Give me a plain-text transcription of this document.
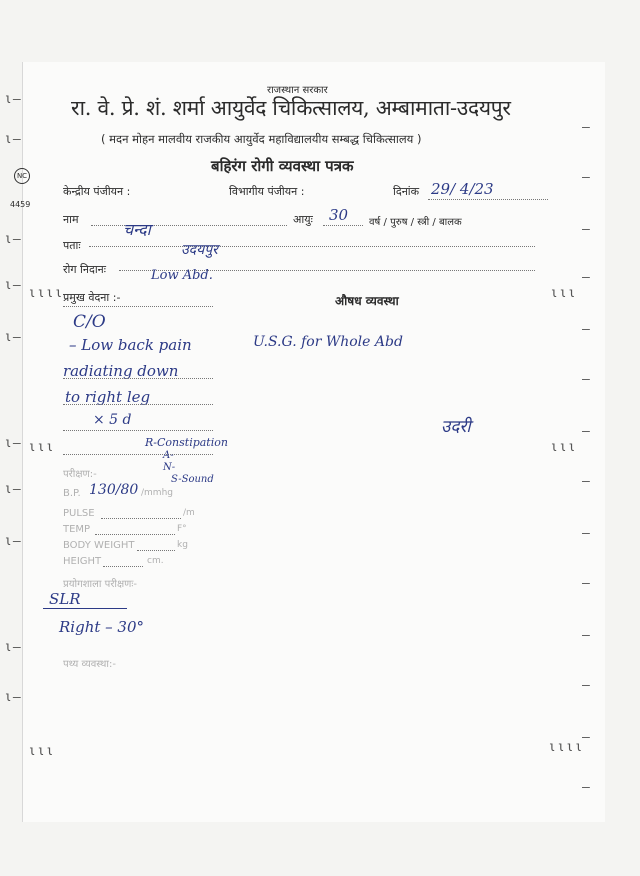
राजस्थान सरकार
रा. वे. प्रे. शं. शर्मा आयुर्वेद चिकित्सालय, अम्बामाता-उदयपुर
( मदन मोहन मालवीय राजकीय आयुर्वेद महाविद्यालयीय सम्बद्ध चिकित्सालय )
बहिरंग रोगी व्यवस्था पत्रक
केन्द्रीय पंजीयन :	विभागीय पंजीयन :	दिनांक 29/ 4/23
नाम
चन्दा
आयुः 30 वर्ष / पुरुष / स्त्री / बालक
पताः	उदयपुर
रोग निदानः	Low Abd.
प्रमुख वेदना :-	औषध व्यवस्था
C/O
– Low back pain
radiating down
to right leg
× 5 d
R-Constipation
A-
N-
S-Sound
U.S.G. for Whole Abd
उदरी
परीक्षण:-
B.P. 130/80 /mmhg
PULSE	/m
TEMP	F°
BODY WEIGHT	kg
HEIGHT	cm.
प्रयोगशाला परीक्षणः-
SLR
Right – 30°
पथ्य व्यवस्था:-
NC
4459
ι—
ι—
ι—
ι—
ι—
ι—
ι—
ι—
ι—
ι—
ιιιι
ιιι
ιιι
ιιι
ιιι
ιιιι
—
—
—
—
—
—
—
—
—
—
—
—
—
—
